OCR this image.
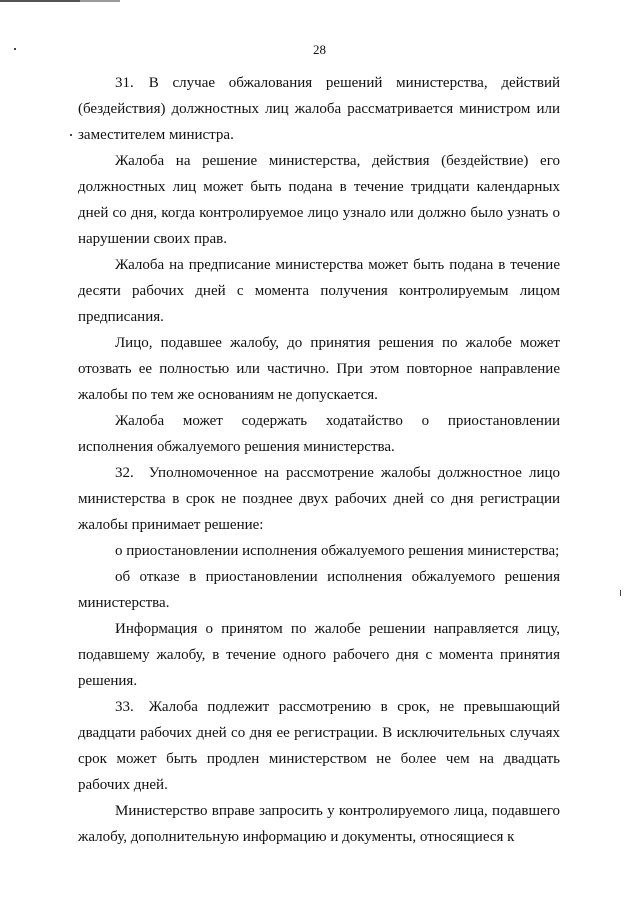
28

31. В случае обжалования решений министерства, действий (бездействия) должностных лиц жалоба рассматривается министром или заместителем министра.

Жалоба на решение министерства, действия (бездействие) его должностных лиц может быть подана в течение тридцати календарных дней со дня, когда контролируемое лицо узнало или должно было узнать о нарушении своих прав.

Жалоба на предписание министерства может быть подана в течение десяти рабочих дней с момента получения контролируемым лицом предписания.

Лицо, подавшее жалобу, до принятия решения по жалобе может отозвать ее полностью или частично. При этом повторное направление жалобы по тем же основаниям не допускается.

Жалоба может содержать ходатайство о приостановлении исполнения обжалуемого решения министерства.

32. Уполномоченное на рассмотрение жалобы должностное лицо министерства в срок не позднее двух рабочих дней со дня регистрации жалобы принимает решение:

о приостановлении исполнения обжалуемого решения министерства;

об отказе в приостановлении исполнения обжалуемого решения министерства.

Информация о принятом по жалобе решении направляется лицу, подавшему жалобу, в течение одного рабочего дня с момента принятия решения.

33. Жалоба подлежит рассмотрению в срок, не превышающий двадцати рабочих дней со дня ее регистрации. В исключительных случаях срок может быть продлен министерством не более чем на двадцать рабочих дней.

Министерство вправе запросить у контролируемого лица, подавшего жалобу, дополнительную информацию и документы, относящиеся к
